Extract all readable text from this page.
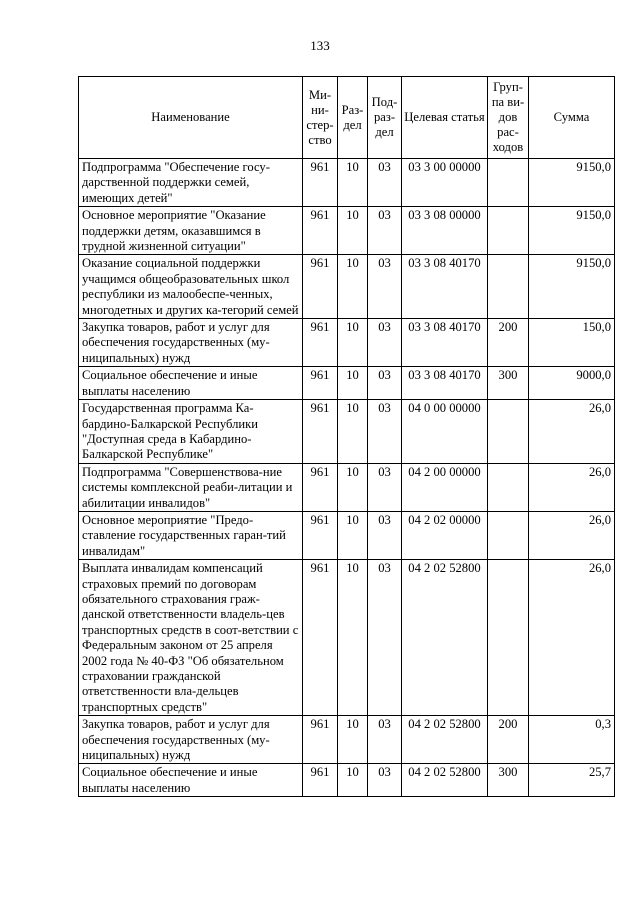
133
Наименование	Ми-ни-стер-ство	Раз-дел	Под-раз-дел	Целевая статья	Груп-па ви-дов рас-ходов	Сумма
Подпрограмма "Обеспечение госу-дарственной поддержки семей, имеющих детей"	961	10	03	03 3 00 00000		9150,0
Основное мероприятие "Оказание поддержки детям, оказавшимся в трудной жизненной ситуации"	961	10	03	03 3 08 00000		9150,0
Оказание социальной поддержки учащимся общеобразовательных школ республики из малообеспе-ченных, многодетных и других ка-тегорий семей	961	10	03	03 3 08 40170		9150,0
Закупка товаров, работ и услуг для обеспечения государственных (му-ниципальных) нужд	961	10	03	03 3 08 40170	200	150,0
Социальное обеспечение и иные выплаты населению	961	10	03	03 3 08 40170	300	9000,0
Государственная программа Ка-бардино-Балкарской Республики "Доступная среда в Кабардино-Балкарской Республике"	961	10	03	04 0 00 00000		26,0
Подпрограмма "Совершенствова-ние системы комплексной реаби-литации и абилитации инвалидов"	961	10	03	04 2 00 00000		26,0
Основное мероприятие "Предо-ставление государственных гаран-тий инвалидам"	961	10	03	04 2 02 00000		26,0
Выплата инвалидам компенсаций страховых премий по договорам обязательного страхования граж-данской ответственности владель-цев транспортных средств в соот-ветствии с Федеральным законом от 25 апреля 2002 года № 40-ФЗ "Об обязательном страховании гражданской ответственности вла-дельцев транспортных средств"	961	10	03	04 2 02 52800		26,0
Закупка товаров, работ и услуг для обеспечения государственных (му-ниципальных) нужд	961	10	03	04 2 02 52800	200	0,3
Социальное обеспечение и иные выплаты населению	961	10	03	04 2 02 52800	300	25,7
